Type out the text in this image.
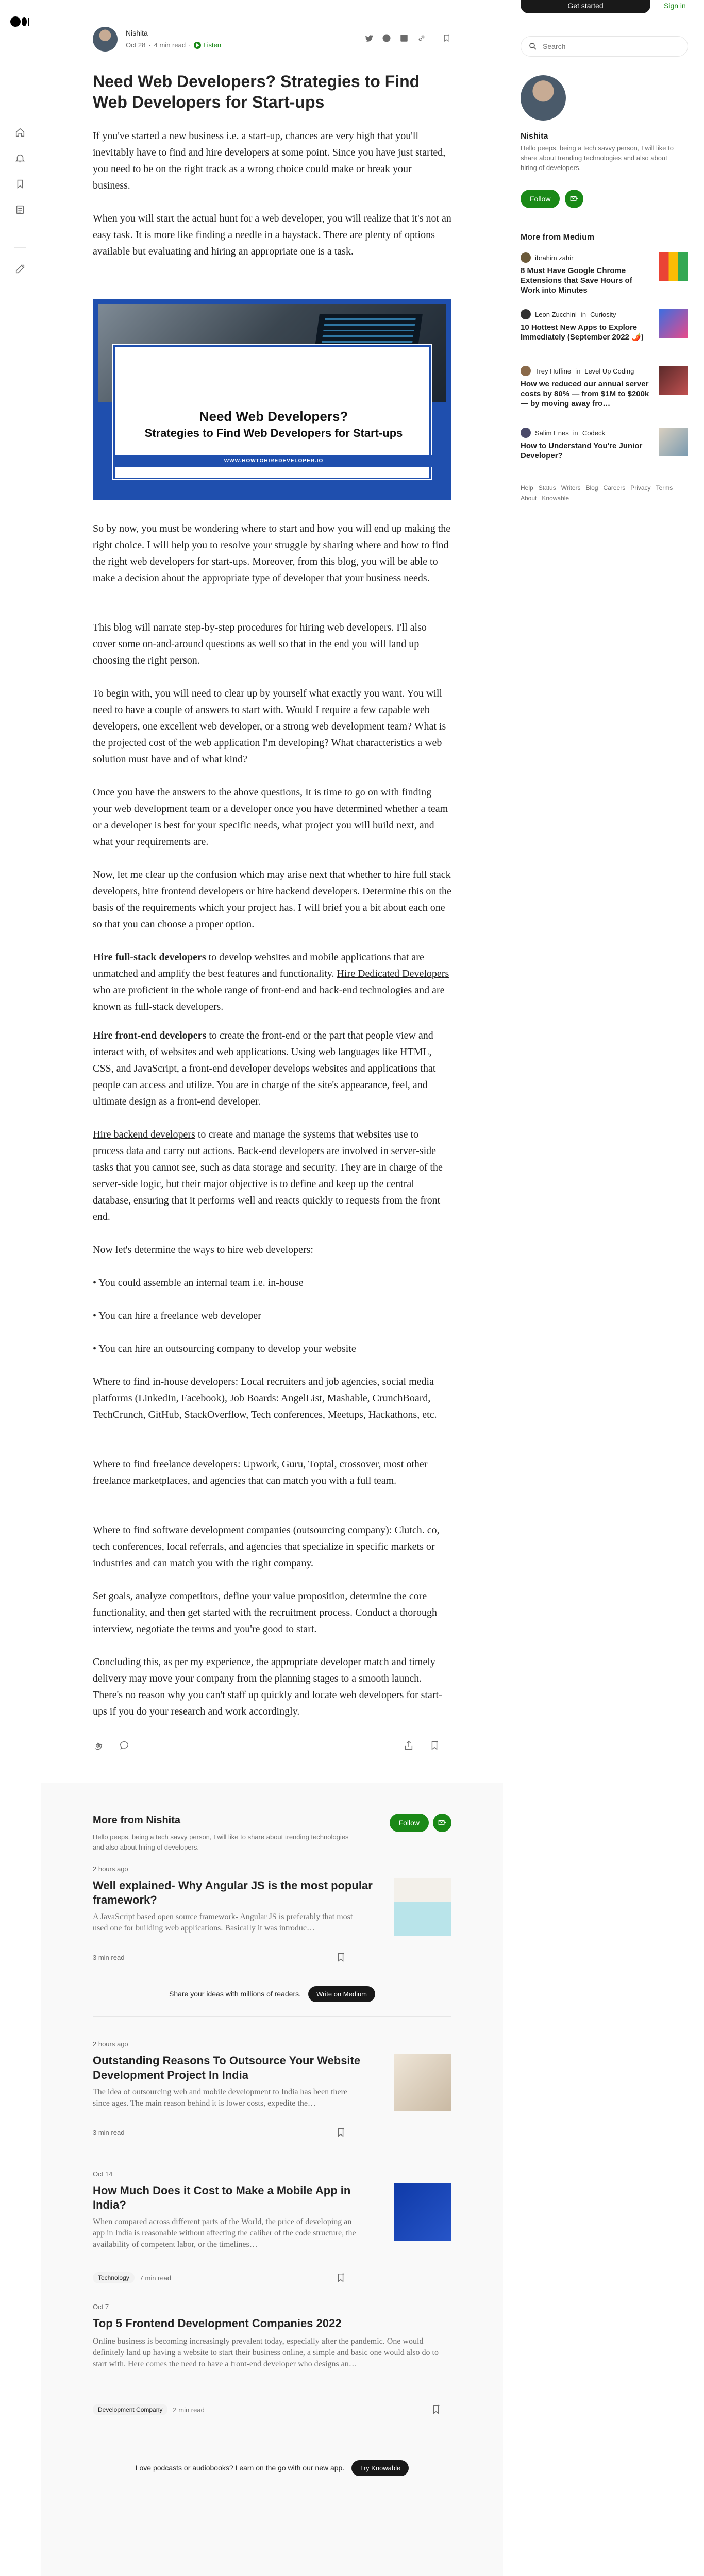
Nishita
Oct 28 · 4 min read · Listen
Need Web Developers? Strategies to Find Web Developers for Start-ups

If you've started a new business i.e. a start-up, chances are very high that you'll inevitably have to find and hire developers at some point. Since you have just started, you need to be on the right track as a wrong choice could make or break your business.

When you will start the actual hunt for a web developer, you will realize that it's not an easy task. It is more like finding a needle in a haystack. There are plenty of options available but evaluating and hiring an appropriate one is a task.

Need Web Developers?
Strategies to Find Web Developers for Start-ups
WWW.HOWTOHIREDEVELOPER.IO

So by now, you must be wondering where to start and how you will end up making the right choice. I will help you to resolve your struggle by sharing where and how to find the right web developers for start-ups. Moreover, from this blog, you will be able to make a decision about the appropriate type of developer that your business needs.

This blog will narrate step-by-step procedures for hiring web developers. I'll also cover some on-and-around questions as well so that in the end you will land up choosing the right person.

To begin with, you will need to clear up by yourself what exactly you want. You will need to have a couple of answers to start with. Would I require a few capable web developers, one excellent web developer, or a strong web development team? What is the projected cost of the web application I'm developing? What characteristics a web solution must have and of what kind?

Once you have the answers to the above questions, It is time to go on with finding your web development team or a developer once you have determined whether a team or a developer is best for your specific needs, what project you will build next, and what your requirements are.

Now, let me clear up the confusion which may arise next that whether to hire full stack developers, hire frontend developers or hire backend developers. Determine this on the basis of the requirements which your project has. I will brief you a bit about each one so that you can choose a proper option.

Hire full-stack developers to develop websites and mobile applications that are unmatched and amplify the best features and functionality. Hire Dedicated Developers who are proficient in the whole range of front-end and back-end technologies and are known as full-stack developers.

Hire front-end developers to create the front-end or the part that people view and interact with, of websites and web applications. Using web languages like HTML, CSS, and JavaScript, a front-end developer develops websites and applications that people can access and utilize. You are in charge of the site's appearance, feel, and ultimate design as a front-end developer.

Hire backend developers to create and manage the systems that websites use to process data and carry out actions. Back-end developers are involved in server-side tasks that you cannot see, such as data storage and security. They are in charge of the server-side logic, but their major objective is to define and keep up the central database, ensuring that it performs well and reacts quickly to requests from the front end.

Now let's determine the ways to hire web developers:

• You could assemble an internal team i.e. in-house

• You can hire a freelance web developer

• You can hire an outsourcing company to develop your website

Where to find in-house developers: Local recruiters and job agencies, social media platforms (LinkedIn, Facebook), Job Boards: AngelList, Mashable, CrunchBoard, TechCrunch, GitHub, StackOverflow, Tech conferences, Meetups, Hackathons, etc.

Where to find freelance developers: Upwork, Guru, Toptal, crossover, most other freelance marketplaces, and agencies that can match you with a full team.

Where to find software development companies (outsourcing company): Clutch. co, tech conferences, local referrals, and agencies that specialize in specific markets or industries and can match you with the right company.

Set goals, analyze competitors, define your value proposition, determine the core functionality, and then get started with the recruitment process. Conduct a thorough interview, negotiate the terms and you're good to start.

Concluding this, as per my experience, the appropriate developer match and timely delivery may move your company from the planning stages to a smooth launch. There's no reason why you can't staff up quickly and locate web developers for start-ups if you do your research and work accordingly.

More from Nishita

Hello peeps, being a tech savvy person, I will like to share about trending technologies and also about hiring of developers.

Follow
2 hours ago
Well explained- Why Angular JS is the most popular framework?
A JavaScript based open source framework- Angular JS is preferably that most used one for building web applications. Basically it was introduc…
3 min read
Share your ideas with millions of readers.	Write on Medium
2 hours ago
Outstanding Reasons To Outsource Your Website Development Project In India
The idea of outsourcing web and mobile development to India has been there since ages. The main reason behind it is lower costs, expedite the…
3 min read
Oct 14
How Much Does it Cost to Make a Mobile App in India?
When compared across different parts of the World, the price of developing an app in India is reasonable without affecting the caliber of the code structure, the availability of competent labor, or the timelines…
Technology	7 min read
Oct 7
Top 5 Frontend Development Companies 2022
Online business is becoming increasingly prevalent today, especially after the pandemic. One would definitely land up having a website to start their business online, a simple and basic one would also do to start with. Here comes the need to have a front-end developer who designs an…
Development Company	2 min read
Love podcasts or audiobooks? Learn on the go with our new app.	Try Knowable
Get started	Sign in
Search
Nishita

Hello peeps, being a tech savvy person, I will like to share about trending technologies and also about hiring of developers.

Follow
More from Medium
ibrahim zahir
8 Must Have Google Chrome Extensions that Save Hours of Work into Minutes
Leon Zucchini in Curiosity
10 Hottest New Apps to Explore Immediately (September 2022 🌶️)
Trey Huffine in Level Up Coding
How we reduced our annual server costs by 80% — from $1M to $200k — by moving away fro…
Salim Enes in Codeck
How to Understand You're Junior Developer?
Help Status Writers Blog Careers Privacy Terms
About Knowable
